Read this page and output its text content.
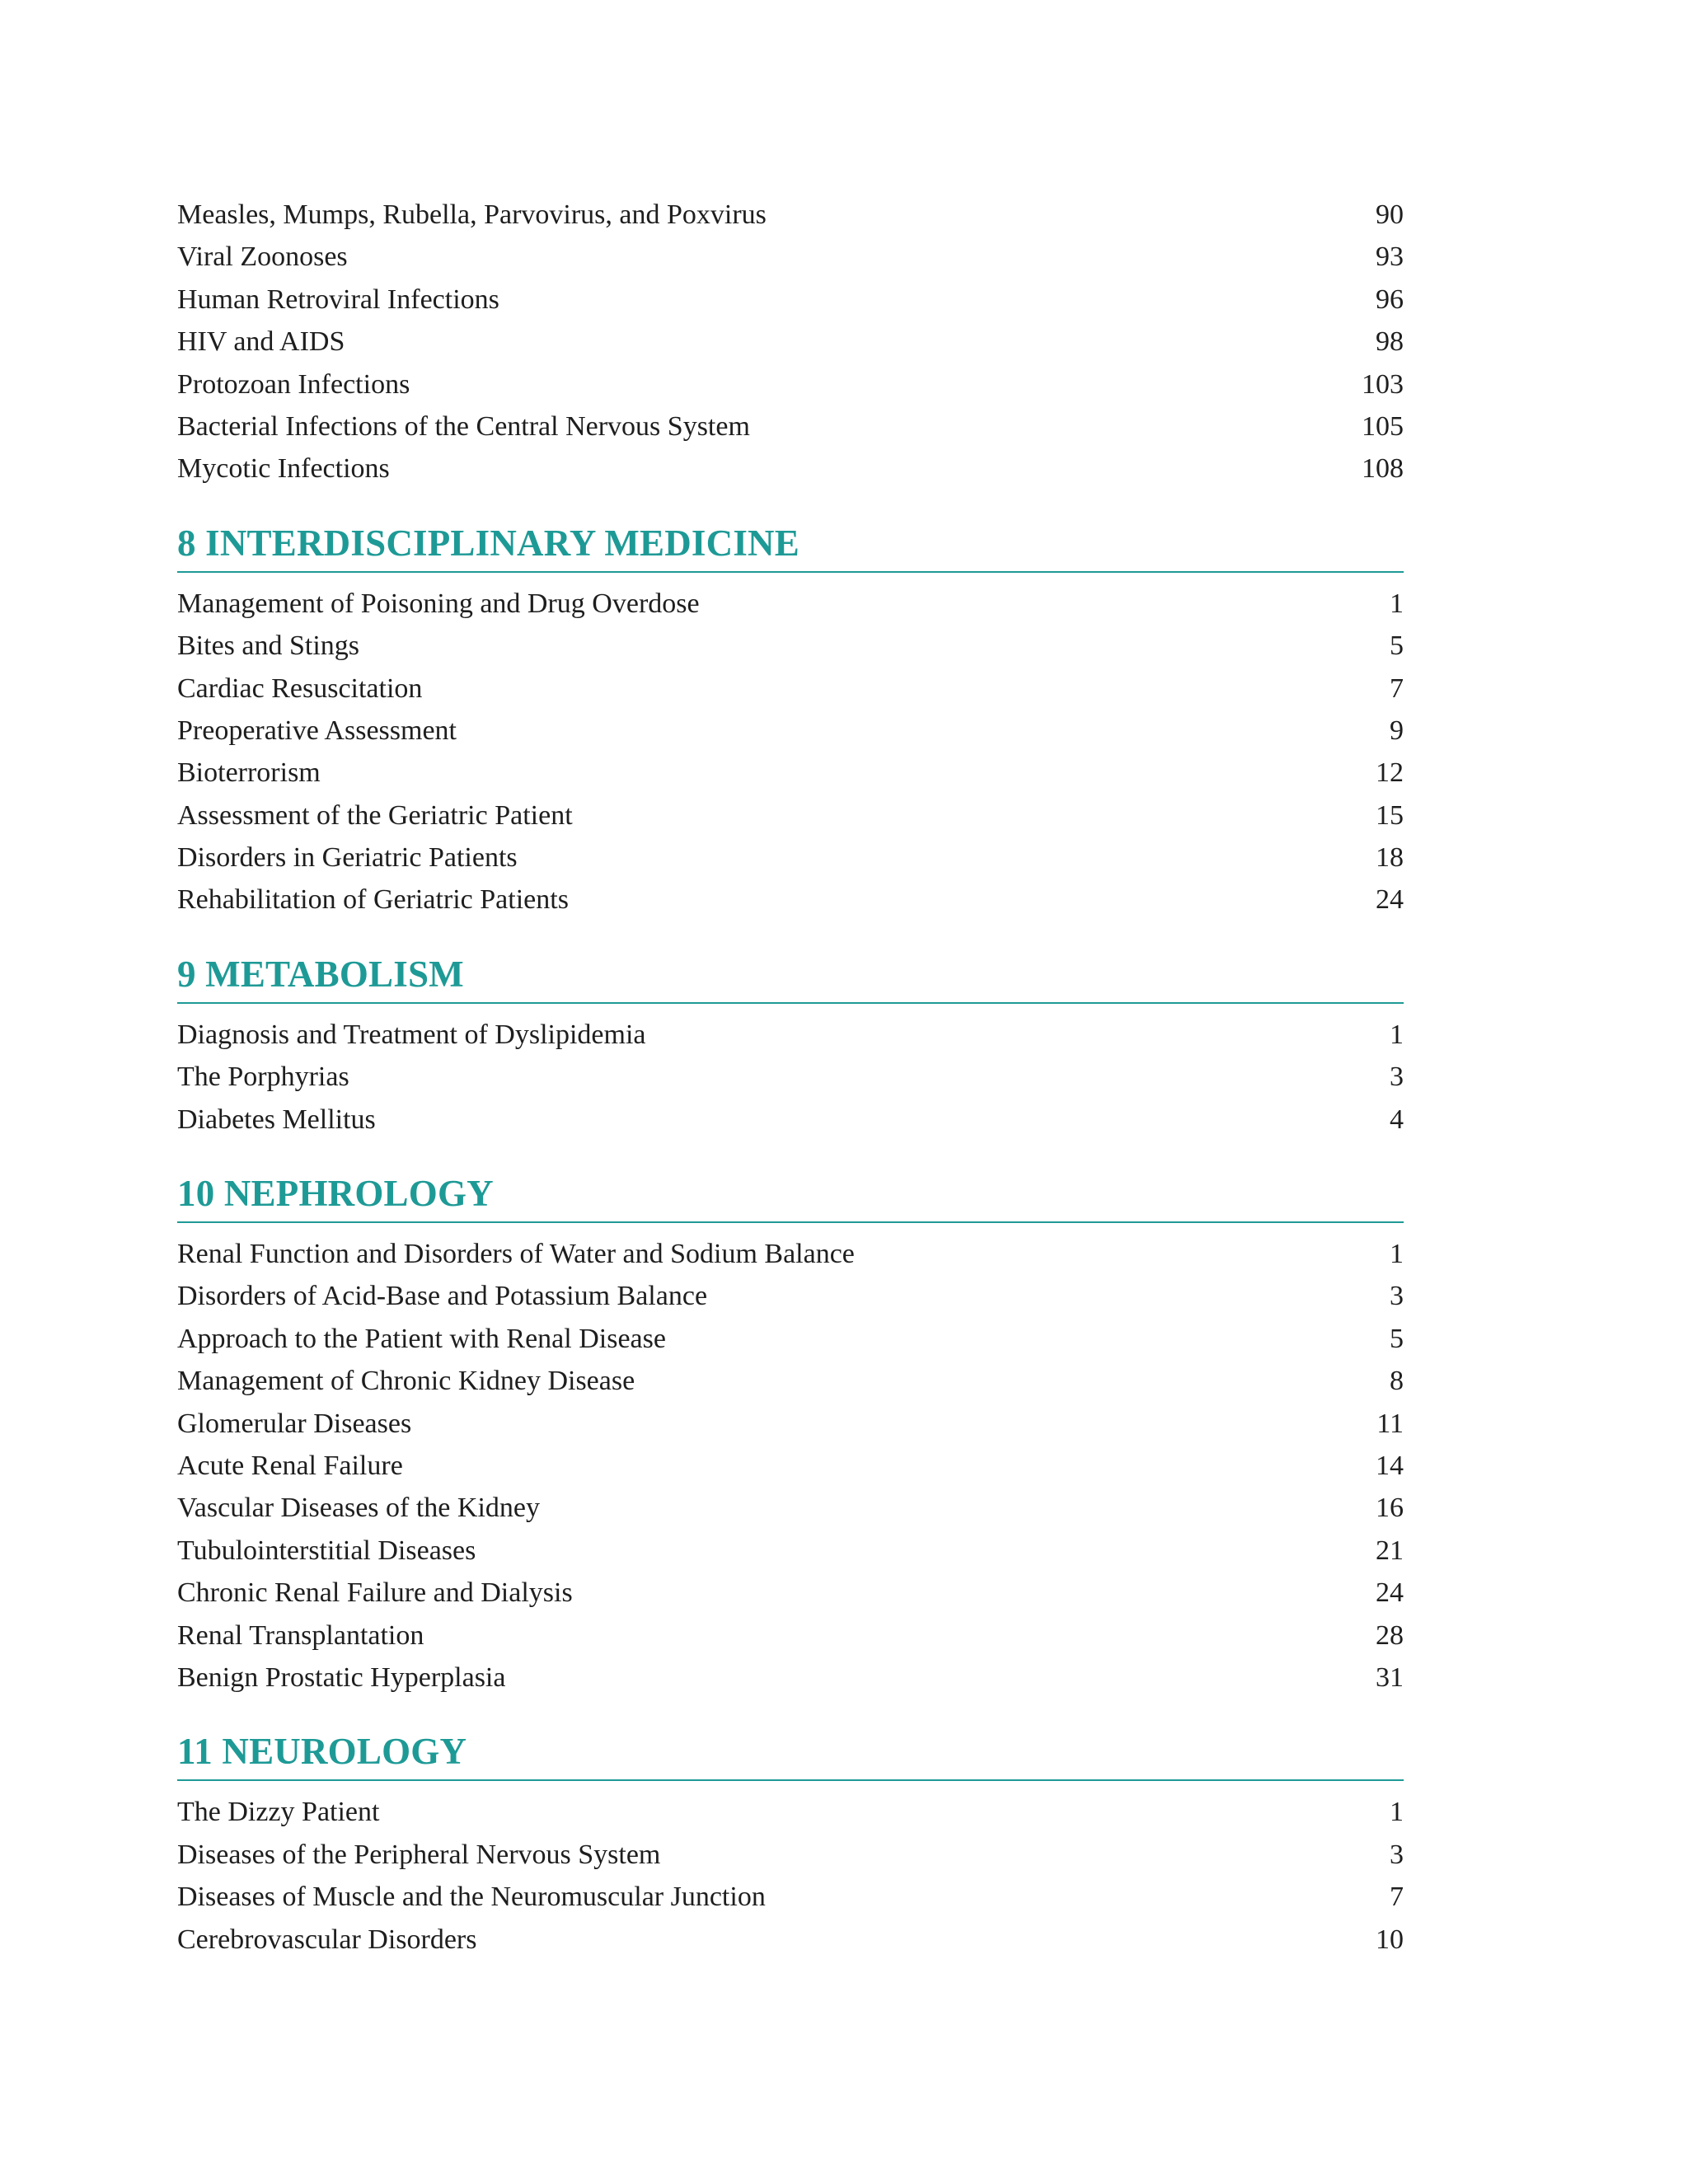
Measles, Mumps, Rubella, Parvovirus, and Poxvirus	90
Viral Zoonoses	93
Human Retroviral Infections	96
HIV and AIDS	98
Protozoan Infections	103
Bacterial Infections of the Central Nervous System	105
Mycotic Infections	108
8 INTERDISCIPLINARY MEDICINE
Management of Poisoning and Drug Overdose	1
Bites and Stings	5
Cardiac Resuscitation	7
Preoperative Assessment	9
Bioterrorism	12
Assessment of the Geriatric Patient	15
Disorders in Geriatric Patients	18
Rehabilitation of Geriatric Patients	24
9 METABOLISM
Diagnosis and Treatment of Dyslipidemia	1
The Porphyrias	3
Diabetes Mellitus	4
10 NEPHROLOGY
Renal Function and Disorders of Water and Sodium Balance	1
Disorders of Acid-Base and Potassium Balance	3
Approach to the Patient with Renal Disease	5
Management of Chronic Kidney Disease	8
Glomerular Diseases	11
Acute Renal Failure	14
Vascular Diseases of the Kidney	16
Tubulointerstitial Diseases	21
Chronic Renal Failure and Dialysis	24
Renal Transplantation	28
Benign Prostatic Hyperplasia	31
11 NEUROLOGY
The Dizzy Patient	1
Diseases of the Peripheral Nervous System	3
Diseases of Muscle and the Neuromuscular Junction	7
Cerebrovascular Disorders	10
